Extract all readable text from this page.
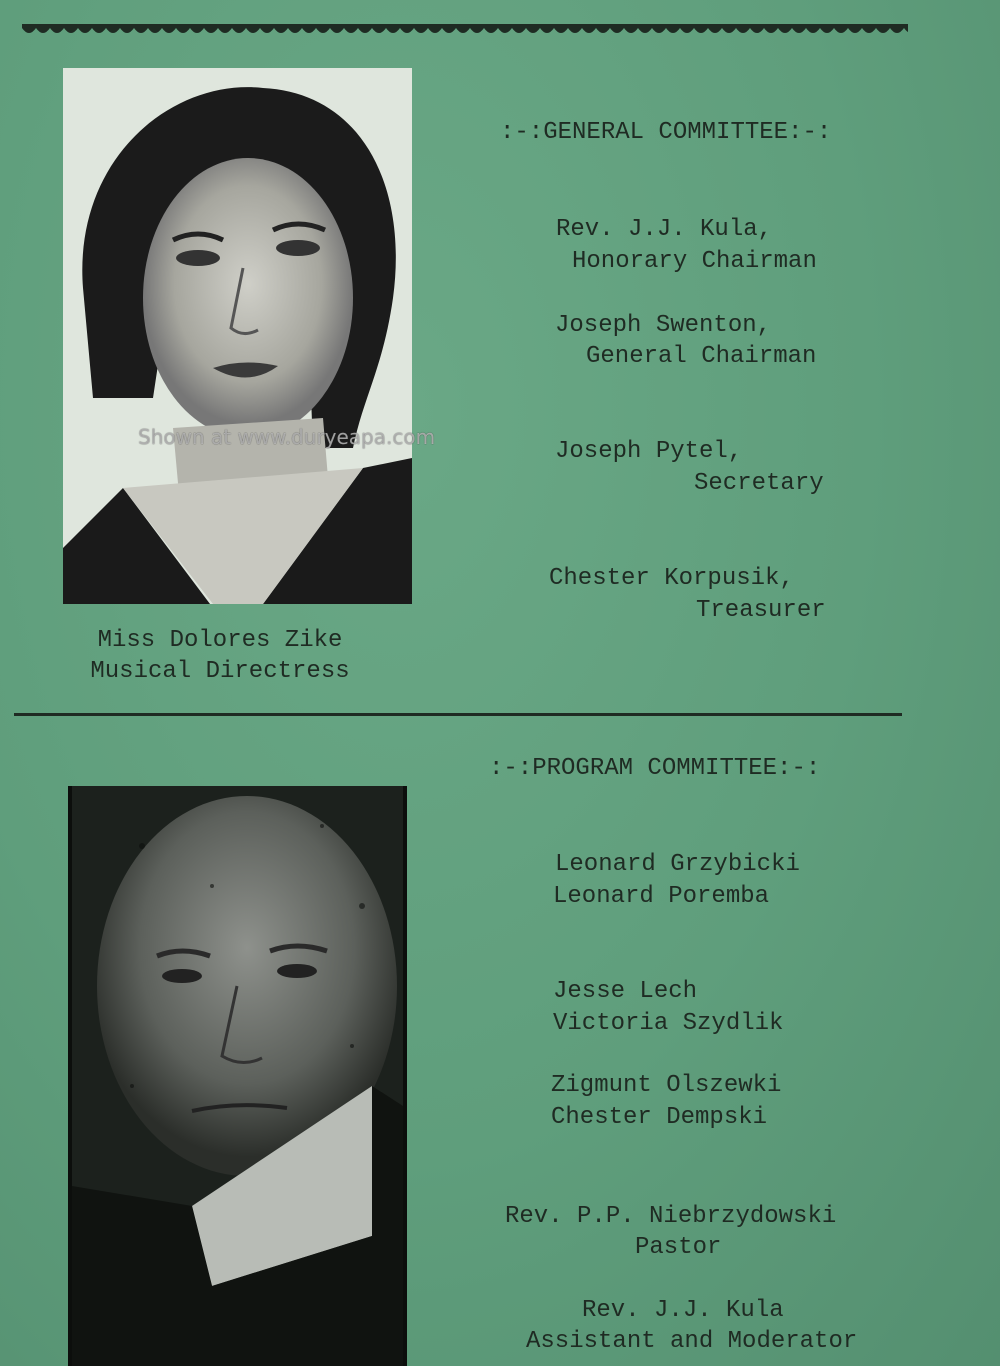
Shown at www.duryeapa.com
Miss Dolores Zike
Musical Directress
:-:GENERAL COMMITTEE:-:
Rev. J.J. Kula,
Honorary Chairman
Joseph Swenton,
General Chairman
Joseph Pytel,
Secretary
Chester Korpusik,
Treasurer
:-:PROGRAM COMMITTEE:-:
Leonard Grzybicki
Leonard Poremba
Jesse Lech
Victoria Szydlik
Zigmunt Olszewki
Chester Dempski
Rev. P.P. Niebrzydowski
Pastor
Rev. J.J. Kula
Assistant and Moderator
